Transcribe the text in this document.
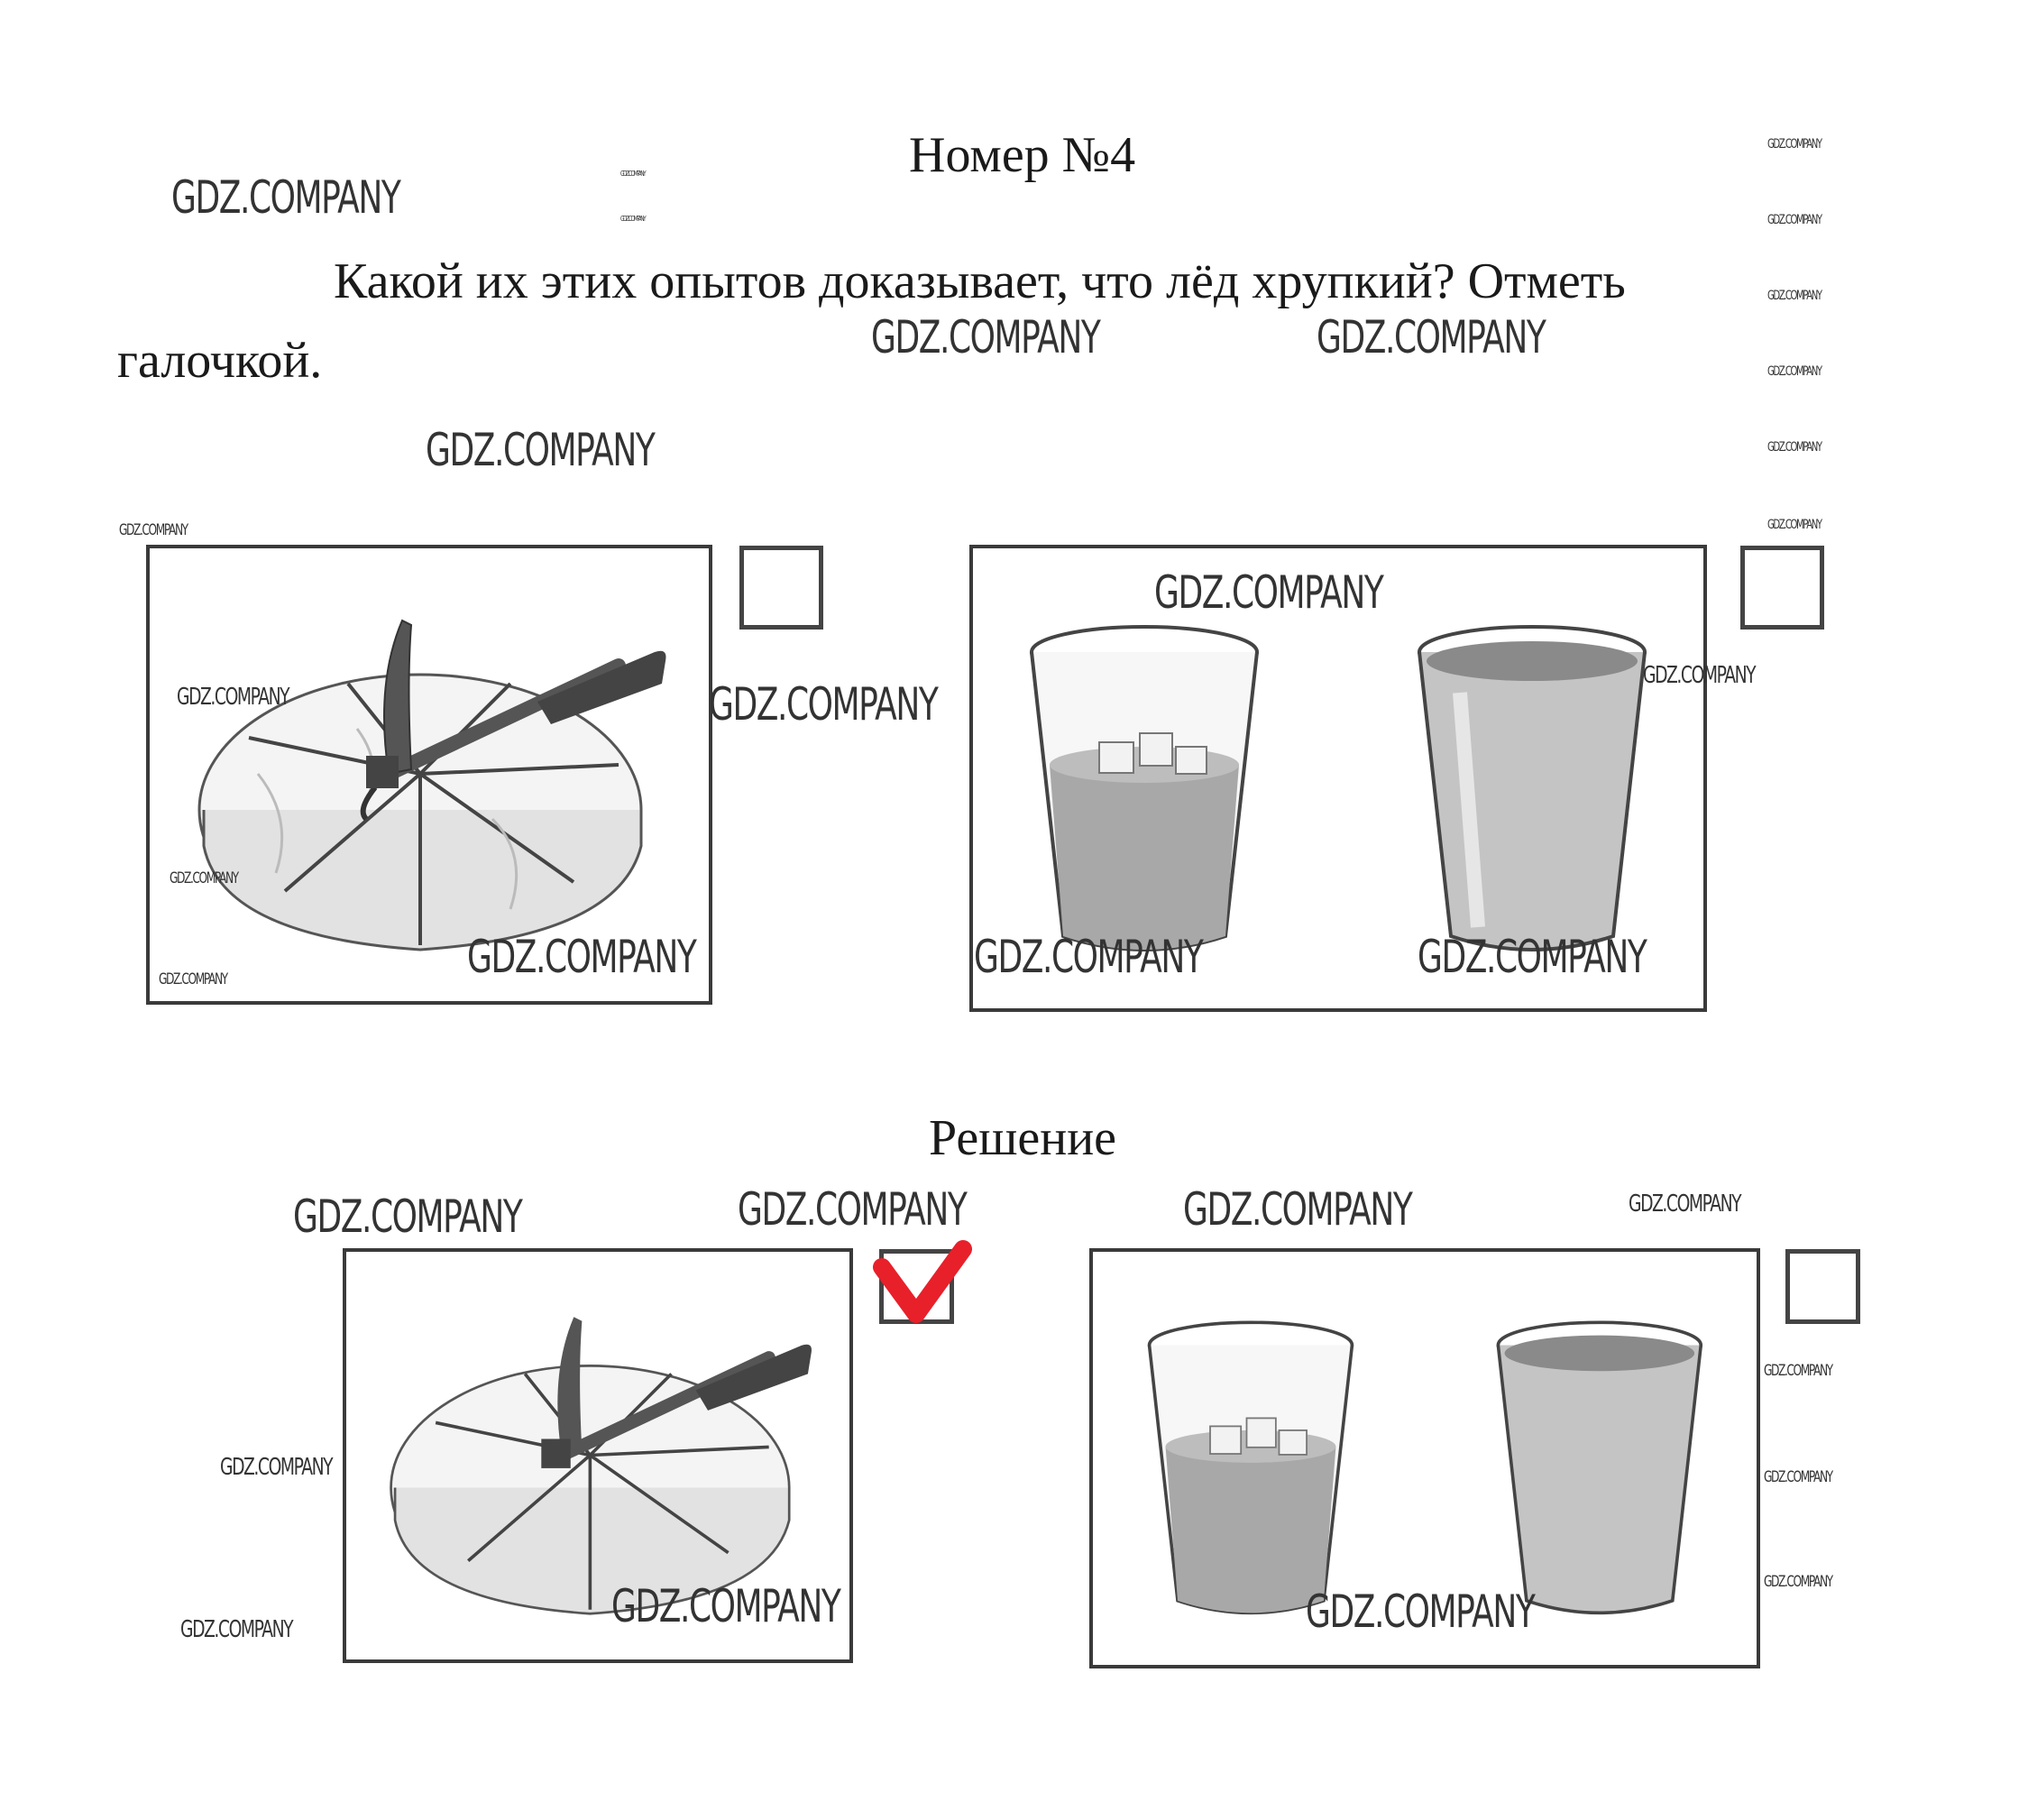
Номер №4
Какой их этих опытов доказывает, что лёд хрупкий? Отметь галочкой.
Решение
GDZ.COMPANY
GDZ.COMPANY	GDZ.COMPANY
GDZ.COMPANY
GDZ.COMPANY
GDZ.COMPANY
GDZ.COMPANY	GDZ.COMPANY	GDZ.COMPANY
GDZ.COMPANY	GDZ.COMPANY	GDZ.COMPANY
GDZ.COMPANY	GDZ.COMPANY
GDZ.COMPANY
GDZ.COMPANY
GDZ.COMPANY
GDZ.COMPANY
GDZ.COMPANY
GDZ.COMPANY
GDZ.COMPANY
GDZ.COMPANY
GDZ.COMPANY
GDZ.COMPANY
GDZ.COMPANY
GDZ.COMPANY
GDZ.COMPANY
GDZ.COMPANY
GDZ.COMPANY
GDZ.COMPANY
GDZ.COMPANY
GDZ.COMPANY
GDZ.COMPANY
